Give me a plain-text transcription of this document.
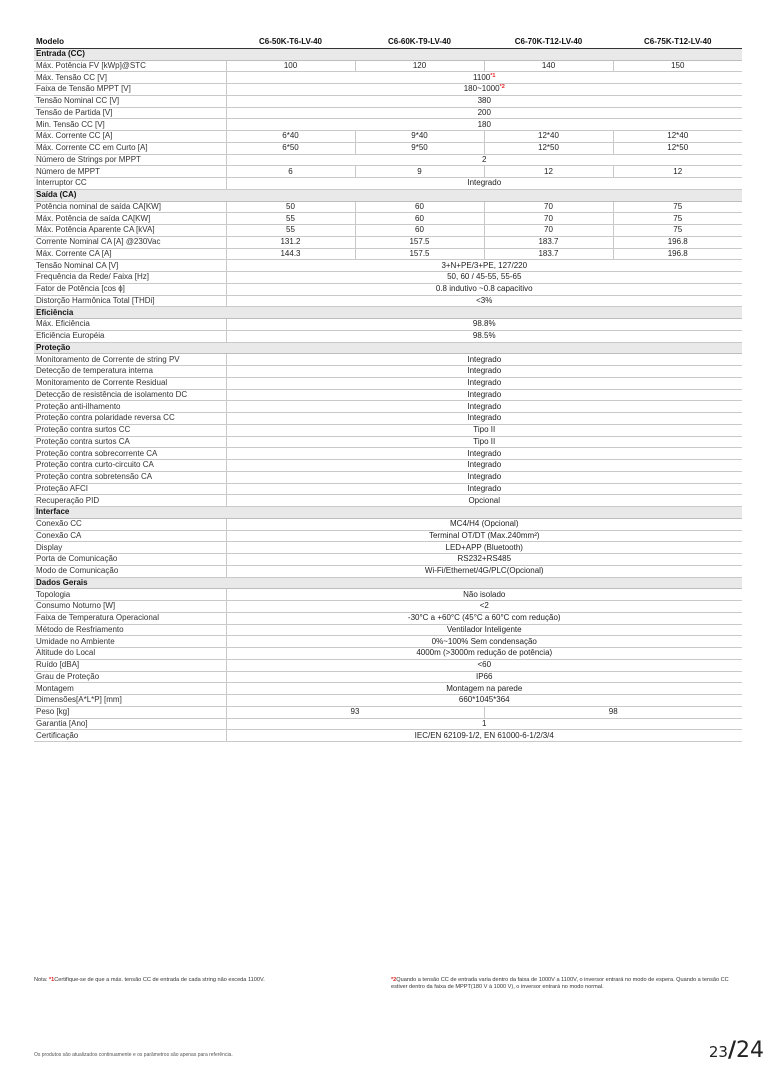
Modelo	C6-50K-T6-LV-40	C6-60K-T9-LV-40	C6-70K-T12-LV-40	C6-75K-T12-LV-40
Entrada (CC)				
Máx. Potência FV [kWp]@STC	100	120	140	150
Máx. Tensão CC [V]	1100$^{*1}$
Faixa de Tensão MPPT [V]	180~1000$^{*2}$
Tensão Nominal CC [V]	380			
Tensão de Partida [V]	200			
Min. Tensão CC [V]	180			
Máx. Corrente CC [A]	6*40	9*40	12*40	12*40
Máx. Corrente CC em Curto [A]	6*50	9*50	12*50	12*50
Número de Strings por MPPT	2			
Número de MPPT	6	9	12	12
Interruptor CC	Integrado			
Saída (CA)				
Potência nominal de saída CA[KW]	50	60	70	75
Máx. Potência de saída CA[KW]	55	60	70	75
Máx. Potência Aparente CA [kVA]	55	60	70	75
Corrente Nominal CA [A] @230Vac	131.2	157.5	183.7	196.8
Máx. Corrente CA [A]	144.3	157.5	183.7	196.8
Tensão Nominal CA [V]	3+N+PE/3+PE, 127/220			
Frequência da Rede/ Faixa [Hz]	50, 60 / 45-55, 55-65			
Fator de Potência [cos ɸ]	0.8 indutivo ~0.8 capacitivo			
Distorção Harmônica Total [THDi]	<3%			
Eficiência				
Máx. Eficiência	98.8%			
Eficiência Européia	98.5%			
Proteção				
Monitoramento de Corrente de string PV	Integrado			
Detecção de temperatura interna	Integrado			
Monitoramento de Corrente Residual	Integrado			
Detecção de resistência de isolamento DC	Integrado			
Proteção anti-ilhamento	Integrado			
Proteção contra polaridade reversa CC	Integrado			
Proteção contra surtos CC	Tipo II			
Proteção contra surtos CA	Tipo II			
Proteção contra sobrecorrente CA	Integrado			
Proteção contra curto-circuito CA	Integrado			
Proteção contra sobretensão CA	Integrado			
Proteção AFCI	Integrado			
Recuperação PID	Opcional			
Interface				
Conexão CC	MC4/H4 (Opcional)			
Conexão CA	Terminal OT/DT (Max.240mm²)			
Display	LED+APP (Bluetooth)			
Porta de Comunicação	RS232+RS485			
Modo de Comunicação	Wi-Fi/Ethernet/4G/PLC(Opcional)			
Dados Gerais				
Topologia	Não isolado			
Consumo Noturno [W]	<2			
Faixa de Temperatura Operacional	-30°C a +60°C (45°C a 60°C com redução)			
Método de Resfriamento	Ventilador Inteligente			
Umidade no Ambiente	0%~100% Sem condensação			
Altitude do Local	4000m (>3000m redução de potência)			
Ruído [dBA]	<60			
Grau de Proteção	IP66			
Montagem	Montagem na parede			
Dimensões[A*L*P] [mm]	660*1045*364			
Peso [kg]	93		98	
Garantia [Ano]	1			
Certificação	IEC/EN 62109-1/2, EN 61000-6-1/2/3/4			
Nota: *1Certifique-se de que a máx. tensão CC de entrada de cada string não exceda 1100V.	*2Quando a tensão CC de entrada varia dentro da faixa de 1000V a 1100V, o inversor entrará no modo de espera. Quando a tensão CC estiver dentro da faixa de MPPT(180 V à 1000 V), o inversor entrará no modo normal.
Os produtos são atualizados continuamente e os parâmetros são apenas para referência.	23/24
